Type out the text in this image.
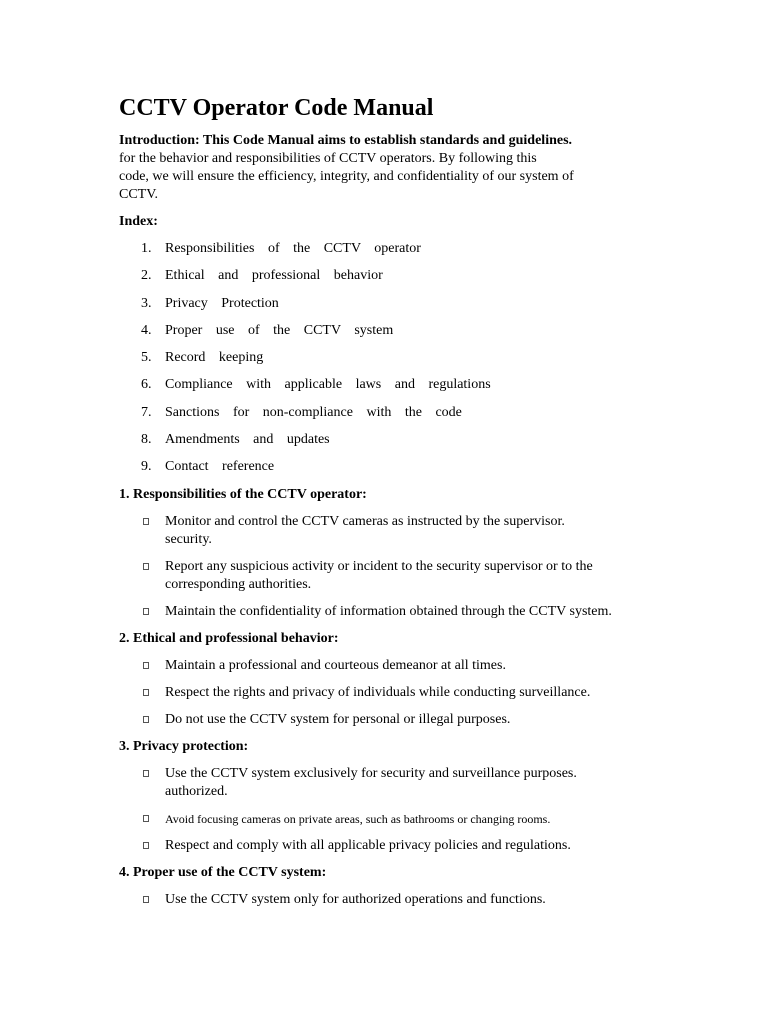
CCTV Operator Code Manual
Introduction: This Code Manual aims to establish standards and guidelines.
for the behavior and responsibilities of CCTV operators. By following this
code, we will ensure the efficiency, integrity, and confidentiality of our system of
CCTV.
Index:
1. Responsibilities of the CCTV operator
2. Ethical and professional behavior
3. Privacy Protection
4. Proper use of the CCTV system
5. Record keeping
6. Compliance with applicable laws and regulations
7. Sanctions for non-compliance with the code
8. Amendments and updates
9. Contact reference
1. Responsibilities of the CCTV operator:
Monitor and control the CCTV cameras as instructed by the supervisor.
security.
Report any suspicious activity or incident to the security supervisor or to the
corresponding authorities.
Maintain the confidentiality of information obtained through the CCTV system.
2. Ethical and professional behavior:
Maintain a professional and courteous demeanor at all times.
Respect the rights and privacy of individuals while conducting surveillance.
Do not use the CCTV system for personal or illegal purposes.
3. Privacy protection:
Use the CCTV system exclusively for security and surveillance purposes.
authorized.
Avoid focusing cameras on private areas, such as bathrooms or changing rooms.
Respect and comply with all applicable privacy policies and regulations.
4. Proper use of the CCTV system:
Use the CCTV system only for authorized operations and functions.
